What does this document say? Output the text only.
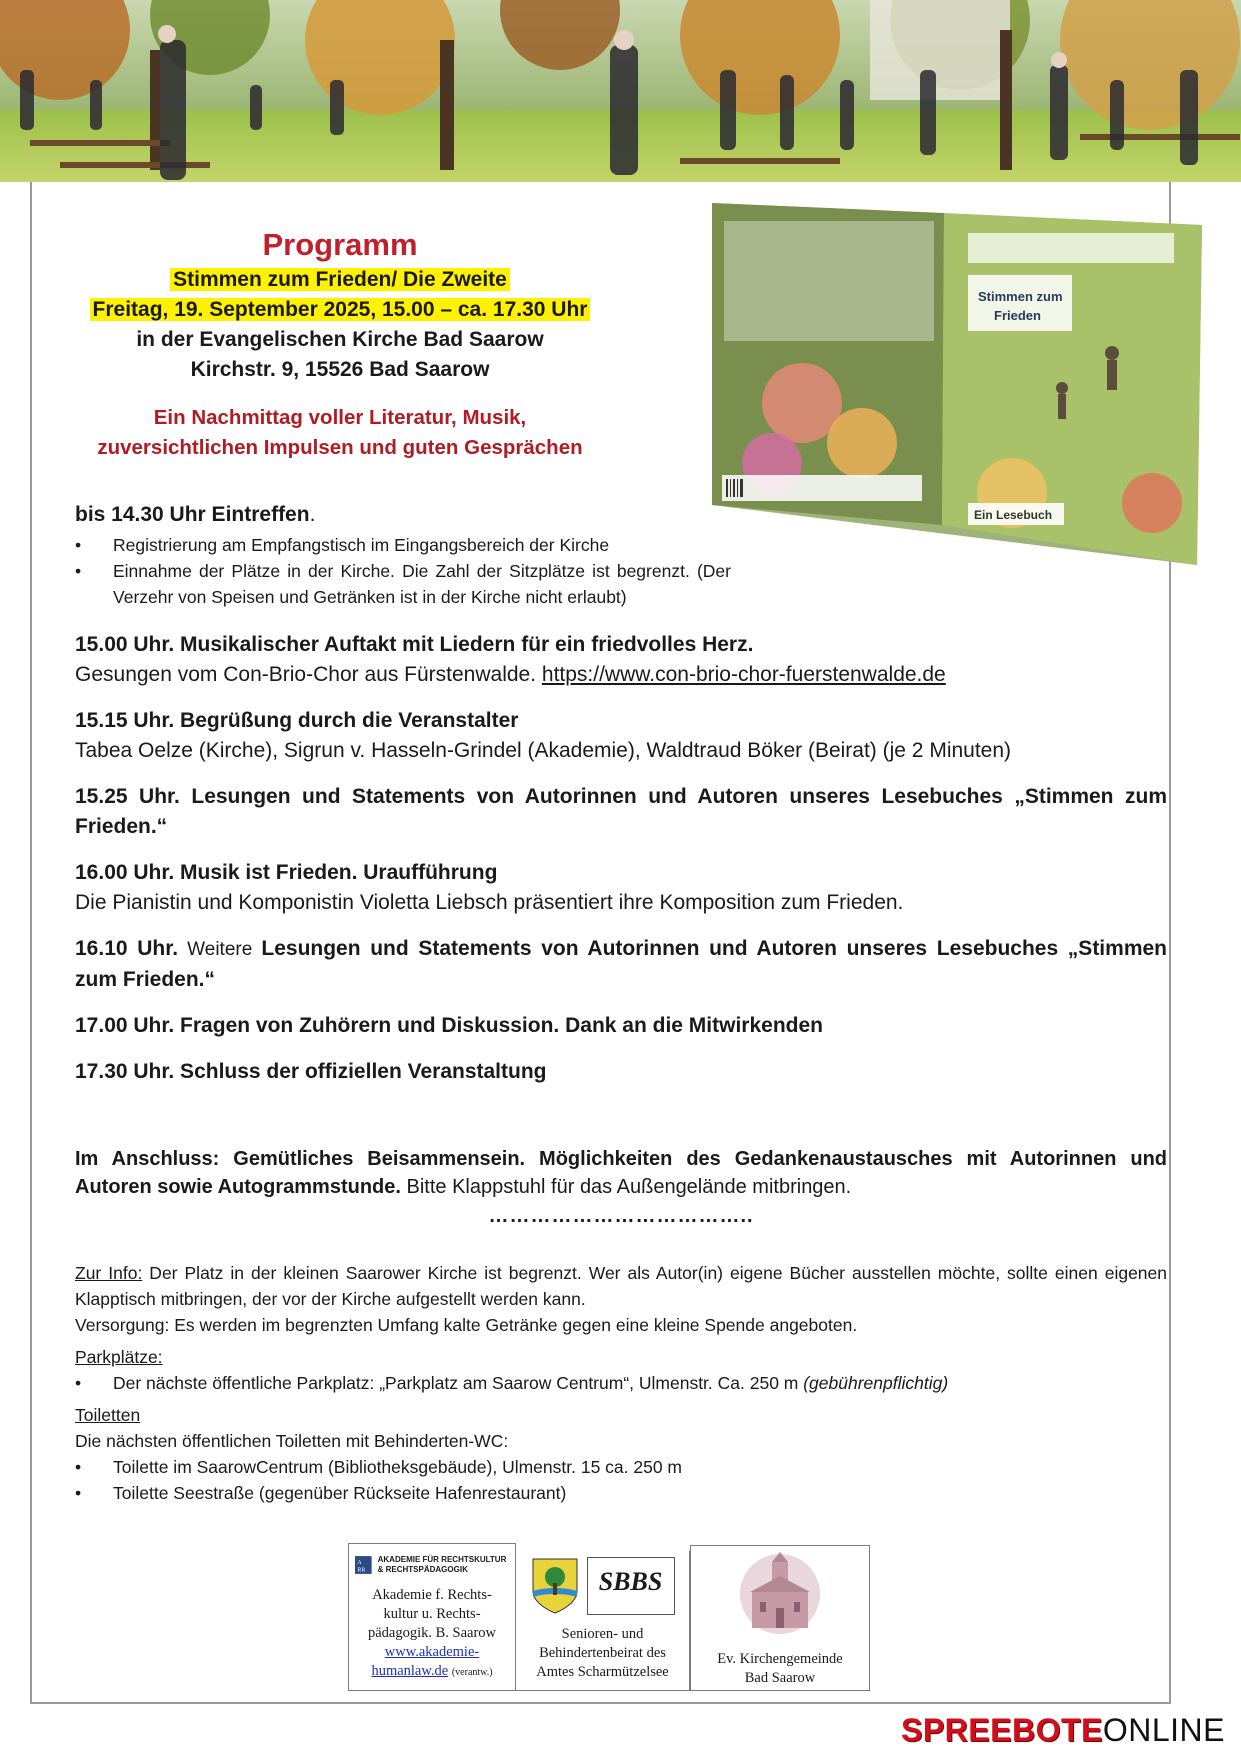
Programm
Stimmen zum Frieden/ Die Zweite
Freitag, 19. September 2025, 15.00 – ca. 17.30 Uhr
in der Evangelischen Kirche Bad Saarow
Kirchstr. 9, 15526 Bad Saarow
Ein Nachmittag voller Literatur, Musik,
zuversichtlichen Impulsen und guten Gesprächen
Stimmen zum
Frieden
Ein Lesebuch

bis 14.30 Uhr Eintreffen.

• Registrierung am Empfangstisch im Eingangsbereich der Kirche
• Einnahme der Plätze in der Kirche. Die Zahl der Sitzplätze ist begrenzt. (Der Verzehr von Speisen und Getränken ist in der Kirche nicht erlaubt)

15.00 Uhr. Musikalischer Auftakt mit Liedern für ein friedvolles Herz.

Gesungen vom Con-Brio-Chor aus Fürstenwalde. https://www.con-brio-chor-fuerstenwalde.de

15.15 Uhr. Begrüßung durch die Veranstalter

Tabea Oelze (Kirche), Sigrun v. Hasseln-Grindel (Akademie), Waldtraud Böker (Beirat) (je 2 Minuten)

15.25 Uhr. Lesungen und Statements von Autorinnen und Autoren unseres Lesebuches „Stimmen zum Frieden.“

16.00 Uhr. Musik ist Frieden. Uraufführung

Die Pianistin und Komponistin Violetta Liebsch präsentiert ihre Komposition zum Frieden.

16.10 Uhr. Weitere Lesungen und Statements von Autorinnen und Autoren unseres Lesebuches „Stimmen zum Frieden.“

17.00 Uhr. Fragen von Zuhörern und Diskussion. Dank an die Mitwirkenden

17.30 Uhr. Schluss der offiziellen Veranstaltung

Im Anschluss: Gemütliches Beisammensein. Möglichkeiten des Gedankenaustausches mit Autorinnen und Autoren sowie Autogrammstunde. Bitte Klappstuhl für das Außengelände mitbringen.

………………………………..

Zur Info: Der Platz in der kleinen Saarower Kirche ist begrenzt. Wer als Autor(in) eigene Bücher ausstellen möchte, sollte einen eigenen Klapptisch mitbringen, der vor der Kirche aufgestellt werden kann.

Versorgung: Es werden im begrenzten Umfang kalte Getränke gegen eine kleine Spende angeboten.

Parkplätze:

• Der nächste öffentliche Parkplatz: „Parkplatz am Saarow Centrum“, Ulmenstr. Ca. 250 m (gebührenpflichtig)

Toiletten

Die nächsten öffentlichen Toiletten mit Behinderten-WC:

• Toilette im SaarowCentrum (Bibliotheksgebäude), Ulmenstr. 15 ca. 250 m
• Toilette Seestraße (gegenüber Rückseite Hafenrestaurant)
A
RR
AKADEMIE FÜR RECHTSKULTUR & RECHTSPÄDAGOGIK
Akademie f. Rechts-
kultur u. Rechts-
pädagogik. B. Saarow
www.akademie-
humanlaw.de (verantw.)
SBBS
Senioren- und
Behindertenbeirat des
Amtes Scharmützelsee
Ev. Kirchengemeinde
Bad Saarow
SPREEBOTEONLINE
